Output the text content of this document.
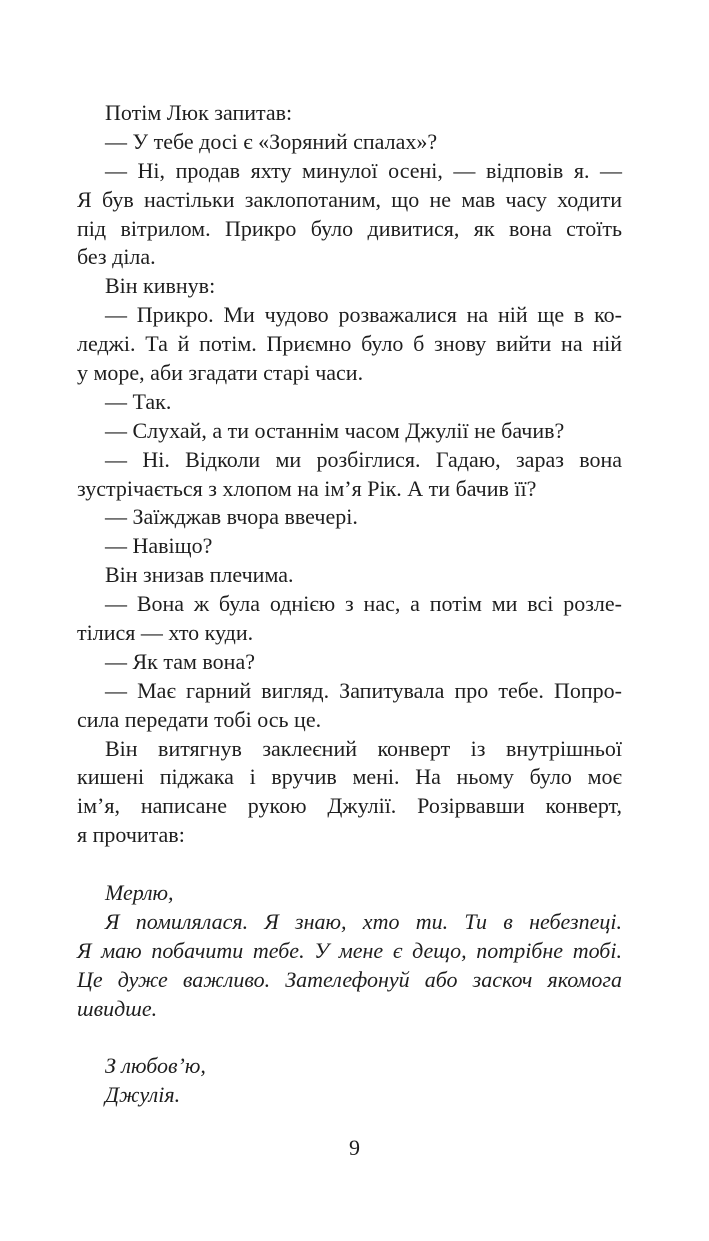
Потім Люк запитав:
— У тебе досі є «Зоряний спалах»?
— Ні, продав яхту минулої осені, — відповів я. —
Я був настільки заклопотаним, що не мав часу ходити
під вітрилом. Прикро було дивитися, як вона стоїть
без діла.
Він кивнув:
— Прикро. Ми чудово розважалися на ній ще в ко-
леджі. Та й потім. Приємно було б знову вийти на ній
у море, аби згадати старі часи.
— Так.
— Слухай, а ти останнім часом Джулії не бачив?
— Ні. Відколи ми розбіглися. Гадаю, зараз вона
зустрічається з хлопом на ім’я Рік. А ти бачив її?
— Заїжджав вчора ввечері.
— Навіщо?
Він знизав плечима.
— Вона ж була однією з нас, а потім ми всі розле-
тілися — хто куди.
— Як там вона?
— Має гарний вигляд. Запитувала про тебе. Попро-
сила передати тобі ось це.
Він витягнув заклеєний конверт із внутрішньої
кишені піджака і вручив мені. На ньому було моє
ім’я, написане рукою Джулії. Розірвавши конверт,
я прочитав:
Мерлю,
Я помилялася. Я знаю, хто ти. Ти в небезпеці.
Я маю побачити тебе. У мене є дещо, потрібне тобі.
Це дуже важливо. Зателефонуй або заскоч якомога
швидше.
З любов’ю,
Джулія.
9
